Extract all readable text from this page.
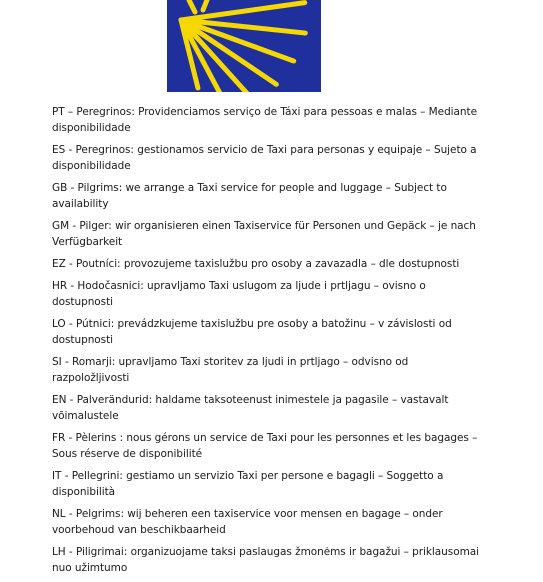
PT – Peregrinos: Providenciamos serviço de Táxi para pessoas e malas – Mediante disponibilidade

ES - Peregrinos: gestionamos servicio de Taxi para personas y equipaje – Sujeto a disponibilidade

GB - Pilgrims: we arrange a Taxi service for people and luggage – Subject to availability

GM - Pilger: wir organisieren einen Taxiservice für Personen und Gepäck – je nach Verfügbarkeit

EZ - Poutníci: provozujeme taxislužbu pro osoby a zavazadla – dle dostupnosti

HR - Hodočasnici: upravljamo Taxi uslugom za ljude i prtljagu – ovisno o dostupnosti

LO - Pútnici: prevádzkujeme taxislužbu pre osoby a batožinu – v závislosti od dostupnosti

SI - Romarji: upravljamo Taxi storitev za ljudi in prtljago – odvisno od razpoložljivosti

EN - Palverändurid: haldame taksoteenust inimestele ja pagasile – vastavalt võimalustele

FR - Pèlerins : nous gérons un service de Taxi pour les personnes et les bagages – Sous réserve de disponibilité

IT - Pellegrini: gestiamo un servizio Taxi per persone e bagagli – Soggetto a disponibilità

NL - Pelgrims: wij beheren een taxiservice voor mensen en bagage – onder voorbehoud van beschikbaarheid

LH - Piligrimai: organizuojame taksi paslaugas žmonėms ir bagažui – priklausomai nuo užimtumo
